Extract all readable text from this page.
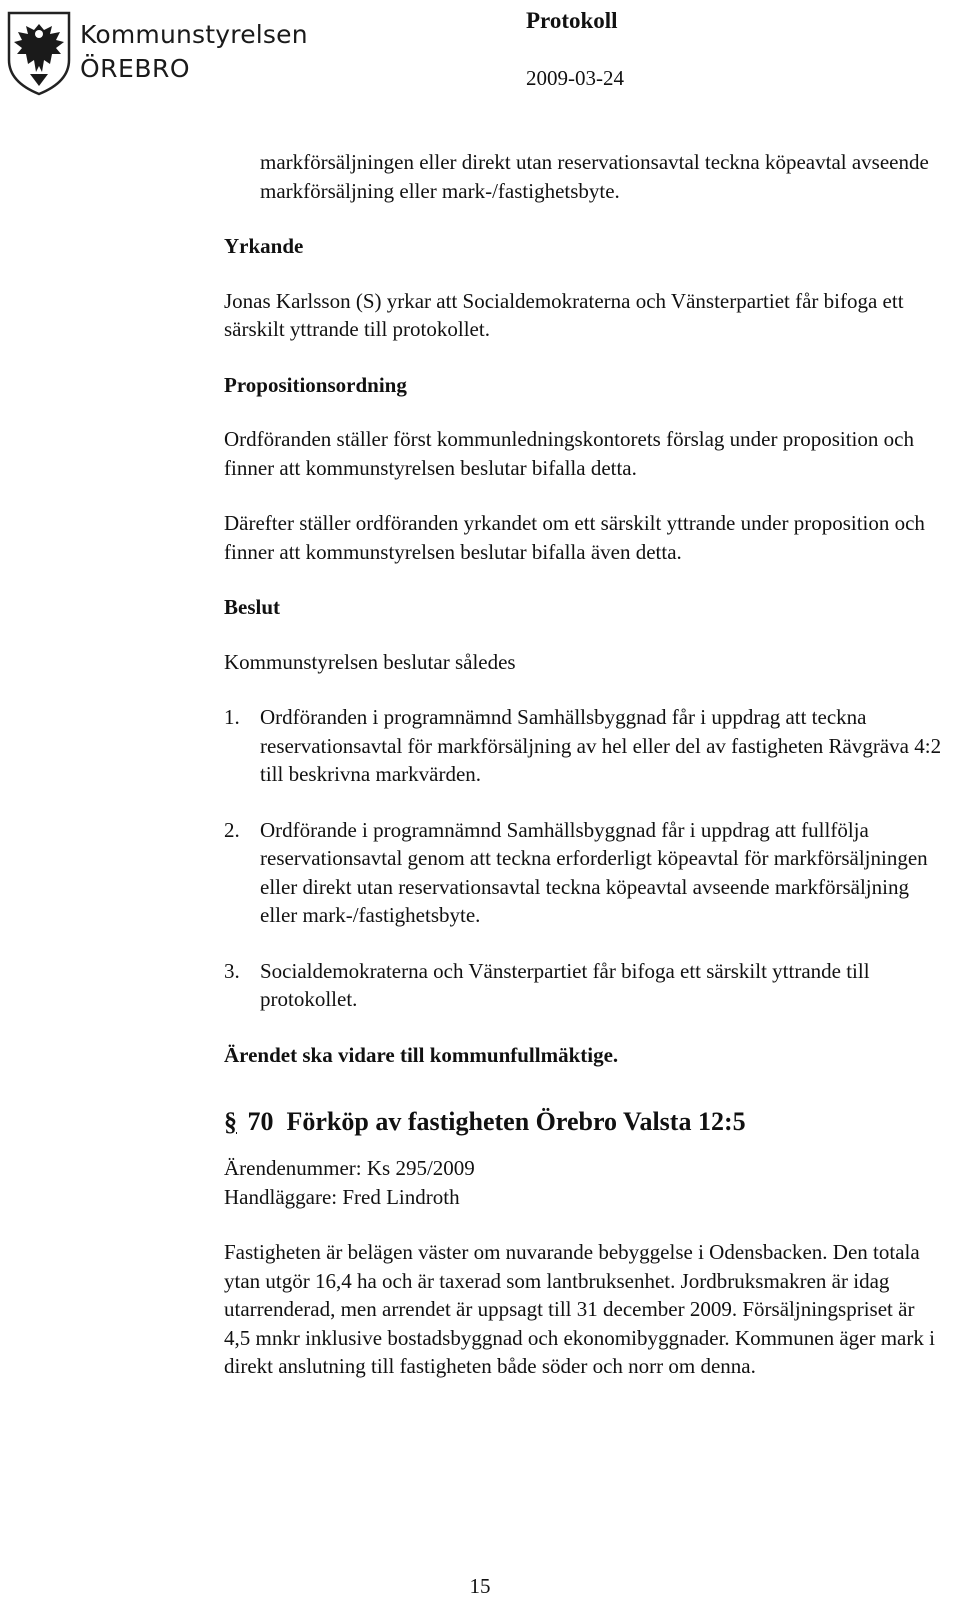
Kommunstyrelsen
ÖREBRO
Protokoll
2009-03-24

markförsäljningen eller direkt utan reservationsavtal teckna köpeavtal avseende markförsäljning eller mark-/fastighetsbyte.

Yrkande

Jonas Karlsson (S) yrkar att Socialdemokraterna och Vänsterpartiet får bifoga ett särskilt yttrande till protokollet.

Propositionsordning

Ordföranden ställer först kommunledningskontorets förslag under proposition och finner att kommunstyrelsen beslutar bifalla detta.

Därefter ställer ordföranden yrkandet om ett särskilt yttrande under proposition och finner att kommunstyrelsen beslutar bifalla även detta.

Beslut

Kommunstyrelsen beslutar således

1. Ordföranden i programnämnd Samhällsbyggnad får i uppdrag att teckna reservationsavtal för markförsäljning av hel eller del av fastigheten Rävgräva 4:2 till beskrivna markvärden.
2. Ordförande i programnämnd Samhällsbyggnad får i uppdrag att fullfölja reservationsavtal genom att teckna erforderligt köpeavtal för markförsäljningen eller direkt utan reservationsavtal teckna köpeavtal avseende markförsäljning eller mark-/fastighetsbyte.
3. Socialdemokraterna och Vänsterpartiet får bifoga ett särskilt yttrande till protokollet.

Ärendet ska vidare till kommunfullmäktige.

§ 70 Förköp av fastigheten Örebro Valsta 12:5

Ärendenummer: Ks 295/2009

Handläggare: Fred Lindroth

Fastigheten är belägen väster om nuvarande bebyggelse i Odensbacken. Den totala ytan utgör 16,4 ha och är taxerad som lantbruksenhet. Jordbruksmakren är idag utarrenderad, men arrendet är uppsagt till 31 december 2009. Försäljningspriset är 4,5 mnkr inklusive bostadsbyggnad och ekonomibyggnader. Kommunen äger mark i direkt anslutning till fastigheten både söder och norr om denna.

15
